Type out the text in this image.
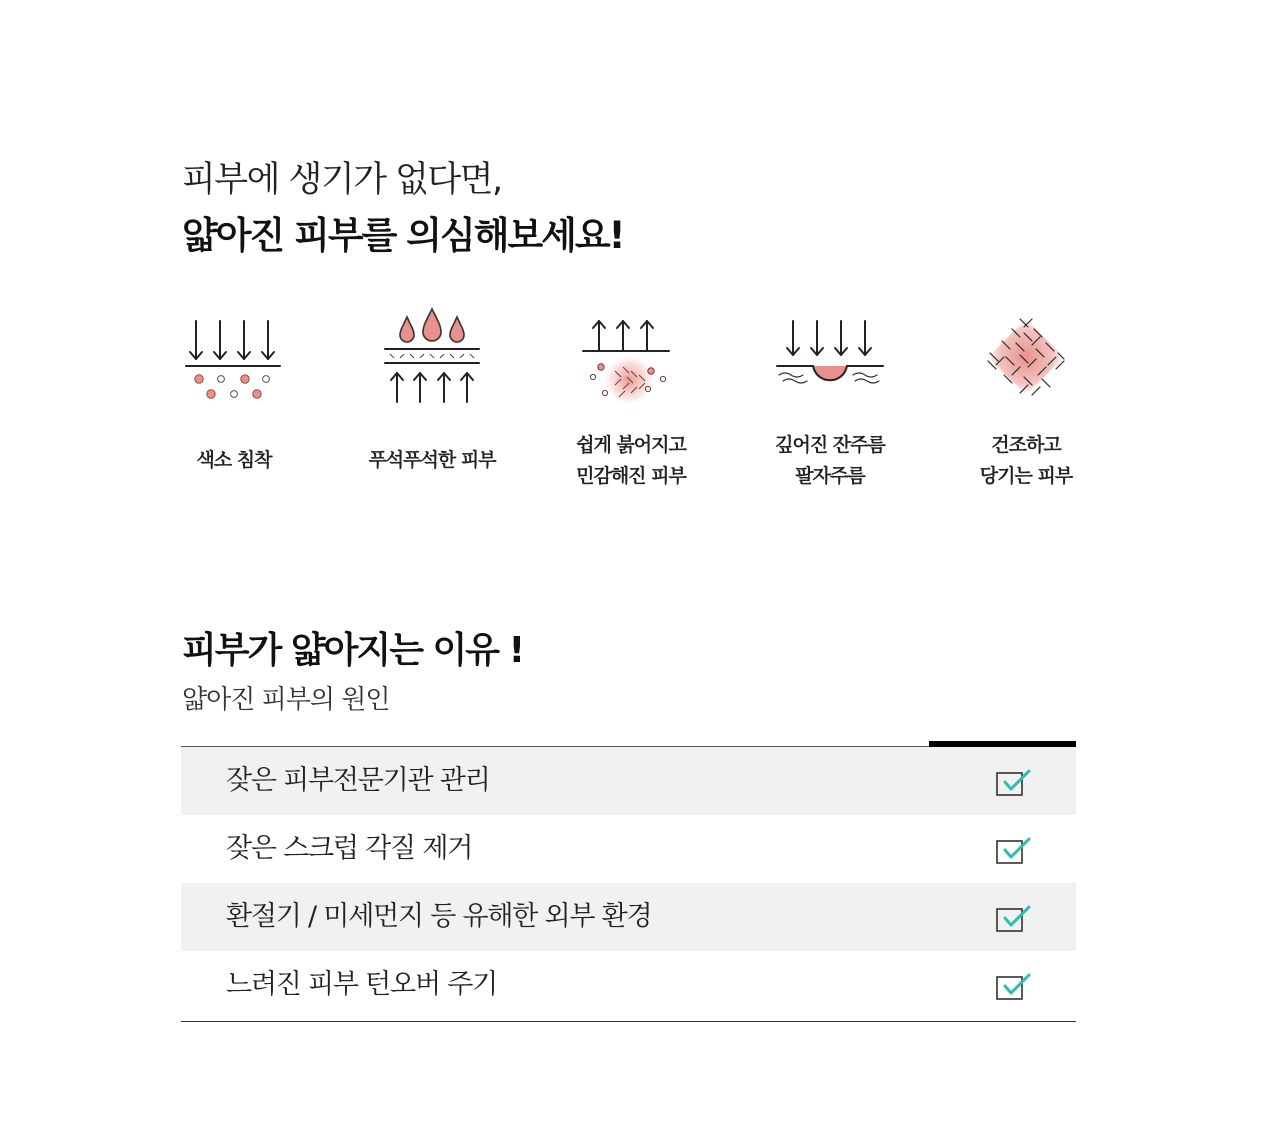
피부에 생기가 없다면,
얇아진 피부를 의심해보세요!
색소 침착	푸석푸석한 피부
쉽게 붉어지고
민감해진 피부
깊어진 잔주름
팔자주름
건조하고
당기는 피부
피부가 얇아지는 이유 !
얇아진 피부의 원인
잦은 피부전문기관 관리
잦은 스크럽 각질 제거
환절기 / 미세먼지 등 유해한 외부 환경
느려진 피부 턴오버 주기
